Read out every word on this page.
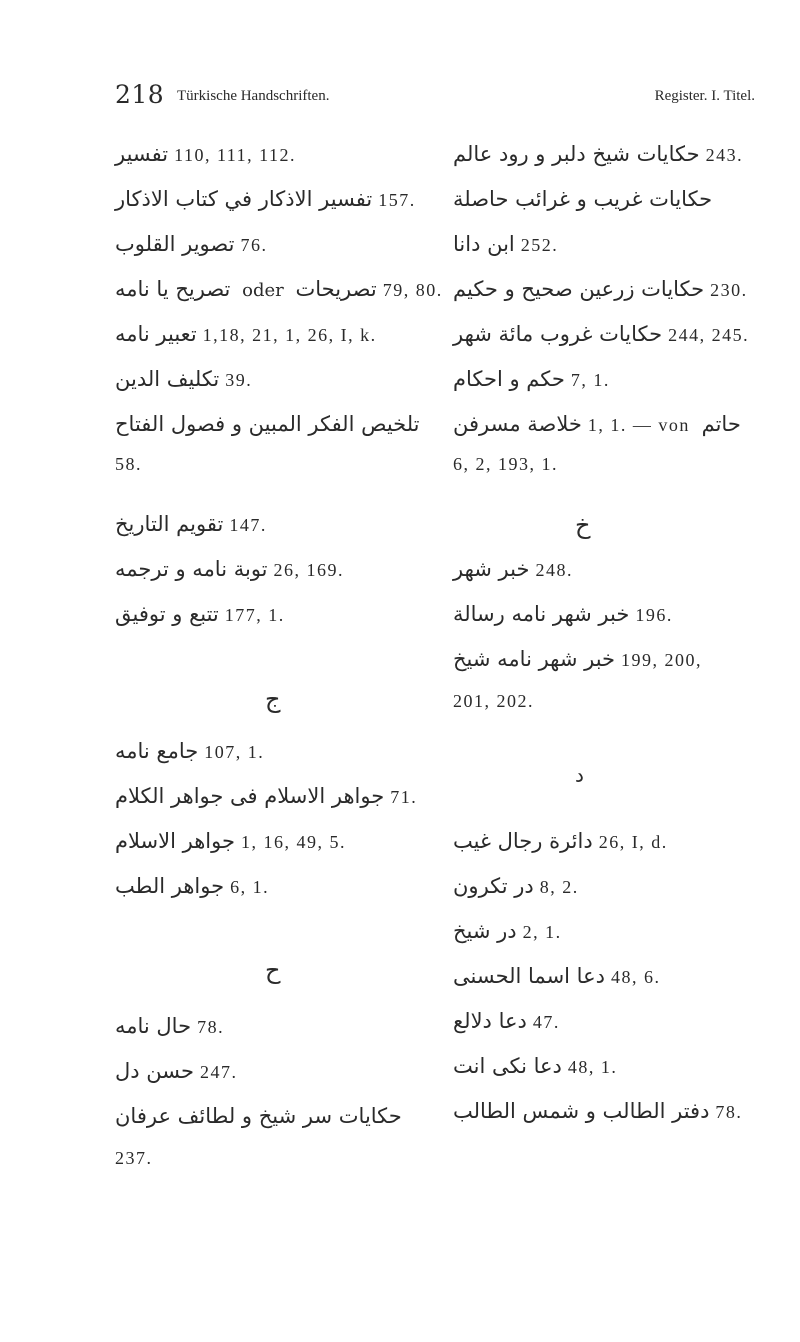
218 Türkische Handschriften.	Register. I. Titel.
تفسير 110, 111, 112.
تفسير الاذكار في كتاب الاذكار 157.
تصوير القلوب 76.
تصريح يا نامه oder تصريحات 79, 80.
تعبير نامه 1,18, 21, 1, 26, I, k.
تكليف الدين 39.
تلخيص الفكر المبين و فصول الفتاح
58.
تقويم التاريخ 147.
توبة نامه و ترجمه 26, 169.
تتبع و توفيق 177, 1.
ج
جامع نامه 107, 1.
جواهر الاسلام فی جواهر الكلام 71.
جواهر الاسلام 1, 16, 49, 5.
جواهر الطب 6, 1.
ح
حال نامه 78.
حسن دل 247.
حكايات سر شیخ و لطائف عرفان
237.
حكايات شيخ دلبر و رود عالم 243.
حكايات غريب و غرائب حاصلة
ابن دانا 252.
حكايات زرعين صحيح و حكيم 230.
حكايات غروب مائة شهر 244, 245.
حكم و احکام 7, 1.
خلاصة مسرفن 1, 1. — von حاتم
6, 2, 193, 1.
خ
خبر شهر 248.
خبر شهر نامه رسالة 196.
خبر شهر نامه شیخ 199, 200,
201, 202.
د
دائرة رجال غيب 26, I, d.
در تكرون 8, 2.
در شیخ 2, 1.
دعا اسما الحسنى 48, 6.
دعا دلالع 47.
دعا نكى انت 48, 1.
دفتر الطالب و شمس الطالب 78.
